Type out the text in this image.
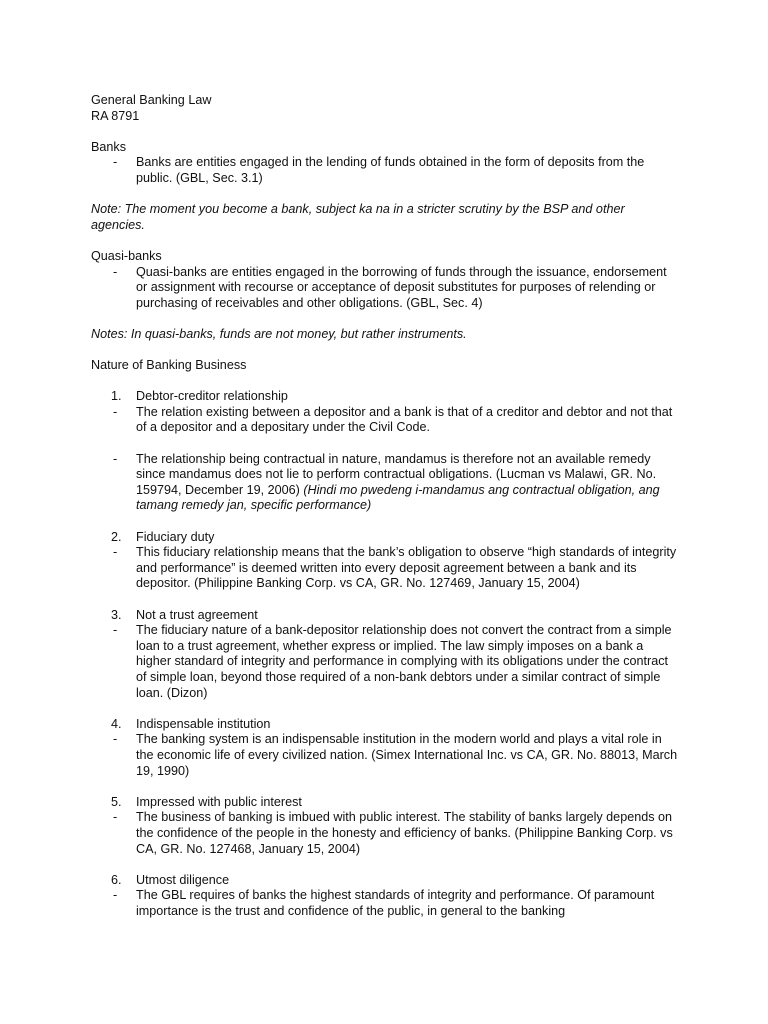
General Banking Law

RA 8791

Banks

- Banks are entities engaged in the lending of funds obtained in the form of deposits from the public. (GBL, Sec. 3.1)

Note: The moment you become a bank, subject ka na in a stricter scrutiny by the BSP and other agencies.

Quasi-banks

- Quasi-banks are entities engaged in the borrowing of funds through the issuance, endorsement or assignment with recourse or acceptance of deposit substitutes for purposes of relending or purchasing of receivables and other obligations. (GBL, Sec. 4)

Notes: In quasi-banks, funds are not money, but rather instruments.

Nature of Banking Business

1. Debtor-creditor relationship

- The relation existing between a depositor and a bank is that of a creditor and debtor and not that of a depositor and a depositary under the Civil Code.

- The relationship being contractual in nature, mandamus is therefore not an available remedy since mandamus does not lie to perform contractual obligations. (Lucman vs Malawi, GR. No. 159794, December 19, 2006) (Hindi mo pwedeng i-mandamus ang contractual obligation, ang tamang remedy jan, specific performance)

2. Fiduciary duty

- This fiduciary relationship means that the bank’s obligation to observe “high standards of integrity and performance” is deemed written into every deposit agreement between a bank and its depositor. (Philippine Banking Corp. vs CA, GR. No. 127469, January 15, 2004)

3. Not a trust agreement

- The fiduciary nature of a bank-depositor relationship does not convert the contract from a simple loan to a trust agreement, whether express or implied. The law simply imposes on a bank a higher standard of integrity and performance in complying with its obligations under the contract of simple loan, beyond those required of a non-bank debtors under a similar contract of simple loan. (Dizon)

4. Indispensable institution

- The banking system is an indispensable institution in the modern world and plays a vital role in the economic life of every civilized nation. (Simex International Inc. vs CA, GR. No. 88013, March 19, 1990)

5. Impressed with public interest

- The business of banking is imbued with public interest. The stability of banks largely depends on the confidence of the people in the honesty and efficiency of banks. (Philippine Banking Corp. vs CA, GR. No. 127468, January 15, 2004)

6. Utmost diligence

- The GBL requires of banks the highest standards of integrity and performance. Of paramount importance is the trust and confidence of the public, in general to the banking
